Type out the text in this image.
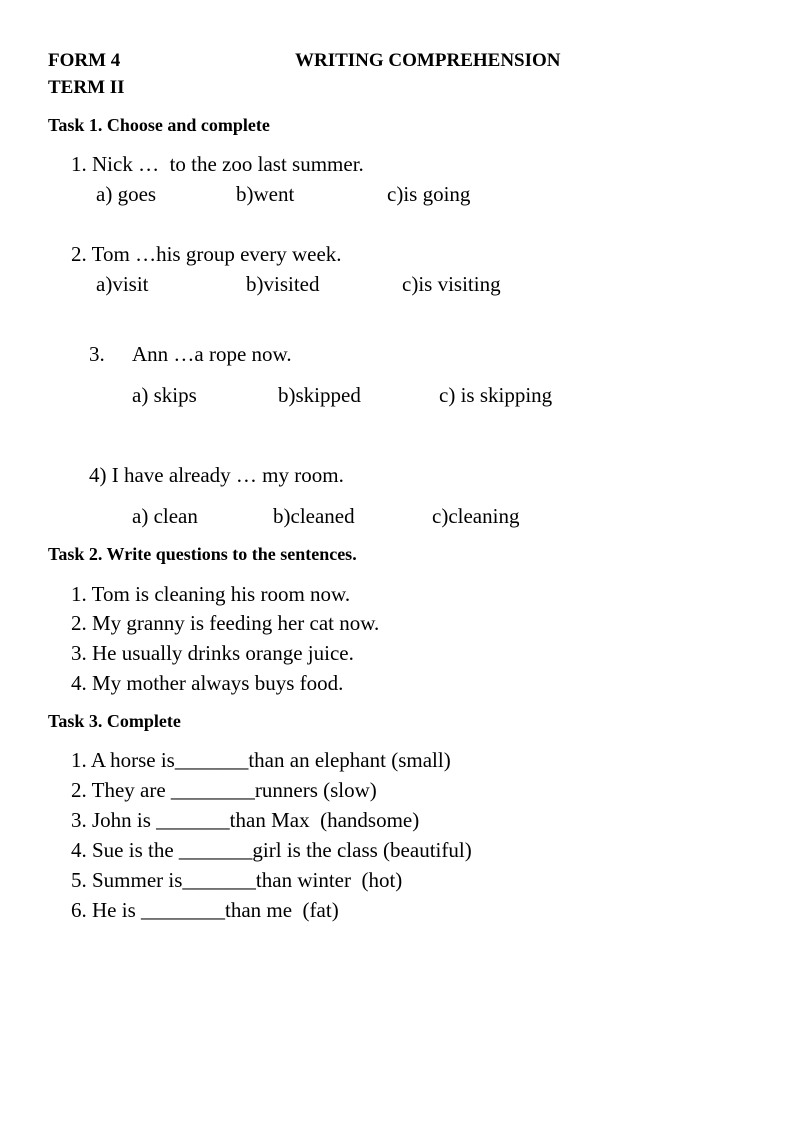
FORM 4	WRITING COMPREHENSION
TERM II
Task 1. Choose and complete
1. Nick …  to the zoo last summer.
a) goes	b)went	c)is going
2. Tom …his group every week.
a)visit	b)visited	c)is visiting
3. Ann …a rope now.
a) skips	b)skipped	c) is skipping
4) I have already … my room.
a) clean	b)cleaned	c)cleaning
Task 2. Write questions to the sentences.
1. Tom is cleaning his room now.
2. My granny is feeding her cat now.
3. He usually drinks orange juice.
4. My mother always buys food.
Task 3. Complete
1. A horse is_______than an elephant (small)
2. They are ________runners (slow)
3. John is _______than Max  (handsome)
4. Sue is the _______girl is the class (beautiful)
5. Summer is_______than winter  (hot)
6. He is ________than me  (fat)
